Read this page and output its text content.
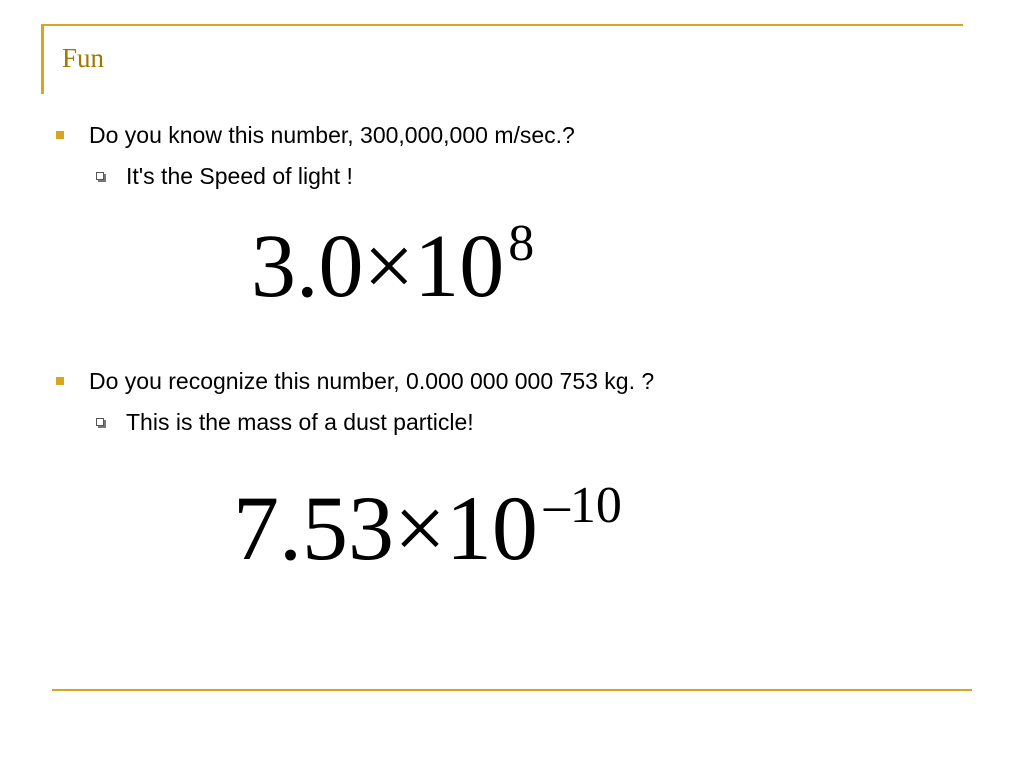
Fun
Do you know this number, 300,000,000 m/sec.?
It's the Speed of light !
$3.0\times 10^8$
Do you recognize this number, 0.000 000 000 753 kg. ?
This is the mass of a dust particle!
7.53×10 $^{-10}$
